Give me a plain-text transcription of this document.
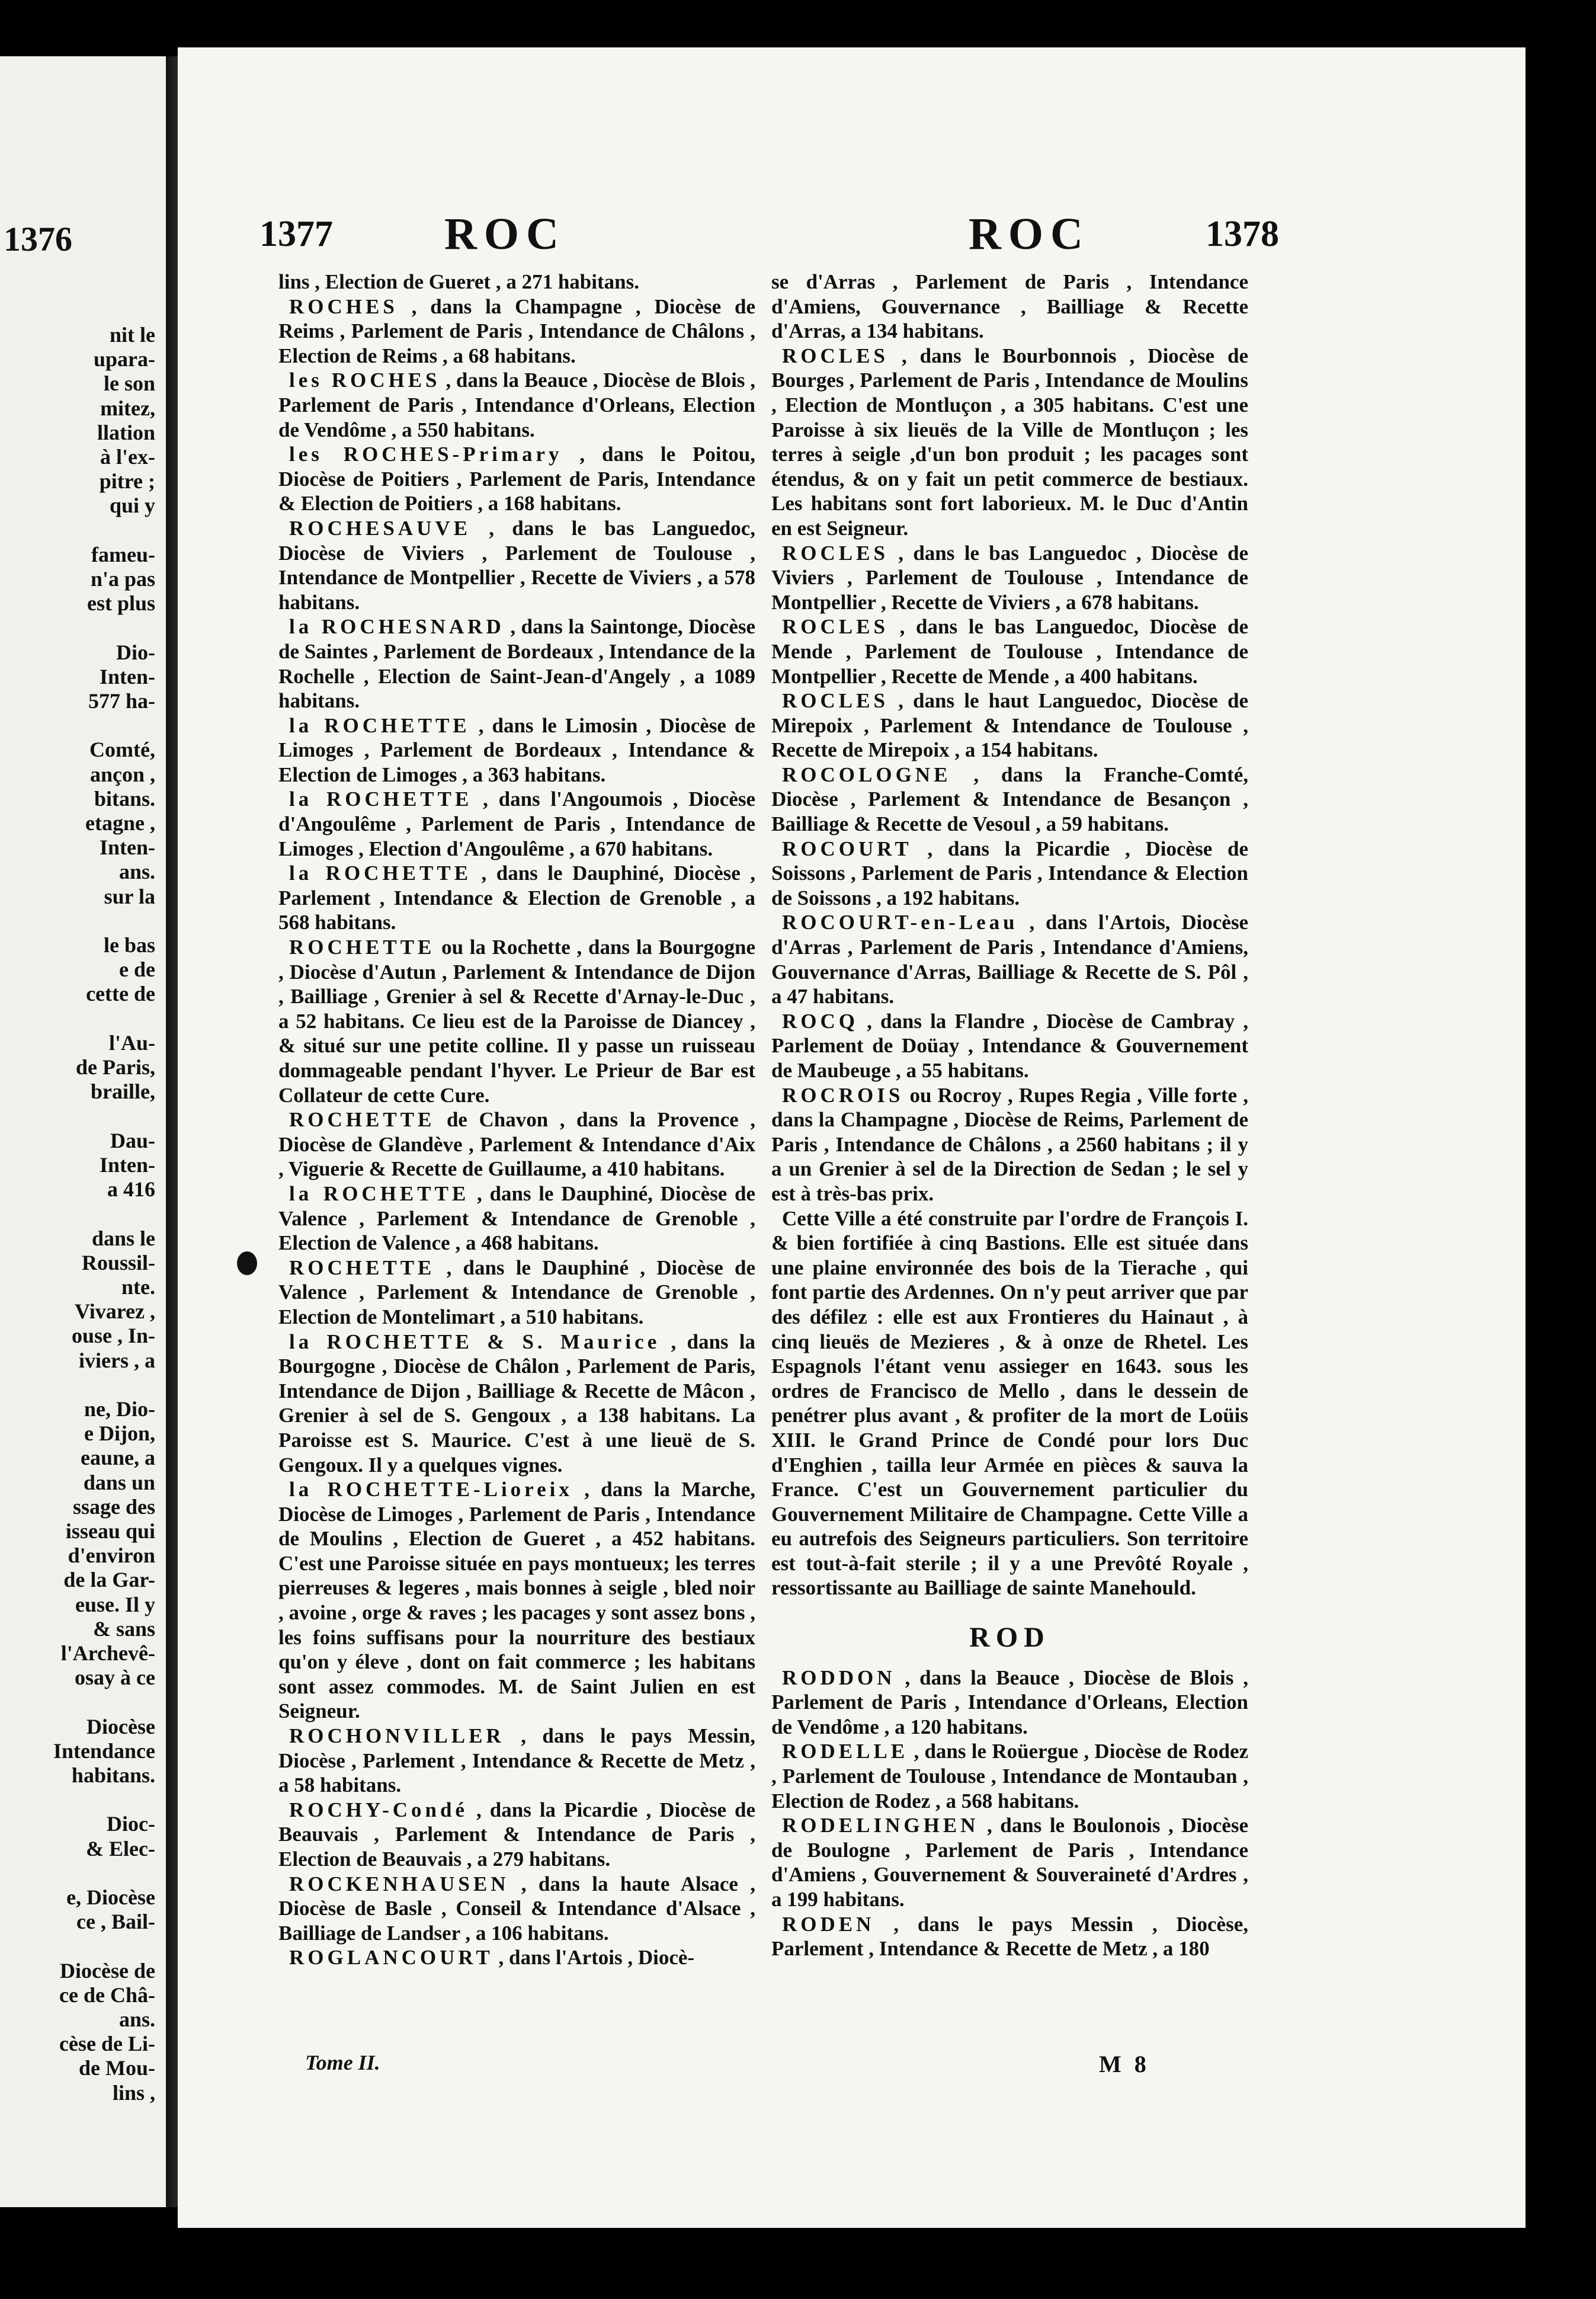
1376
nit le
upara-
le son
mitez,
llation
à l'ex-
pitre ;
qui y

fameu-
n'a pas
est plus

Dio-
Inten-
577 ha-

Comté,
ançon ,
bitans.
etagne ,
Inten-
ans.
sur la

le bas
e de
cette de

l'Au-
de Paris,
braille,

Dau-
Inten-
a 416

dans le
Roussil-
nte.
Vivarez ,
ouse , In-
iviers , a

ne, Dio-
e Dijon,
eaune, a
dans un
ssage des
isseau qui
d'environ
de la Gar-
euse. Il y
& sans
l'Archevê-
osay à ce

Diocèse
Intendance
habitans.

Dioc-
& Elec-

e, Diocèse
ce , Bail-

Diocèse de
ce de Châ-
ans.
cèse de Li-
de Mou-
lins ,
1377 ROC	ROC	1378

lins , Election de Gueret , a 271 habitans.

ROCHES , dans la Champagne , Diocèse de Reims , Parlement de Paris , Intendance de Châlons , Election de Reims , a 68 habitans.

les ROCHES , dans la Beauce , Diocèse de Blois , Parlement de Paris , Intendance d'Orleans, Election de Vendôme , a 550 habitans.

les ROCHES-Primary , dans le Poitou, Diocèse de Poitiers , Parlement de Paris, Intendance & Election de Poitiers , a 168 habitans.

ROCHESAUVE , dans le bas Languedoc, Diocèse de Viviers , Parlement de Toulouse , Intendance de Montpellier , Recette de Viviers , a 578 habitans.

la ROCHESNARD , dans la Saintonge, Diocèse de Saintes , Parlement de Bordeaux , Intendance de la Rochelle , Election de Saint-Jean-d'Angely , a 1089 habitans.

la ROCHETTE , dans le Limosin , Diocèse de Limoges , Parlement de Bordeaux , Intendance & Election de Limoges , a 363 habitans.

la ROCHETTE , dans l'Angoumois , Diocèse d'Angoulême , Parlement de Paris , Intendance de Limoges , Election d'Angoulême , a 670 habitans.

la ROCHETTE , dans le Dauphiné, Diocèse , Parlement , Intendance & Election de Grenoble , a 568 habitans.

ROCHETTE ou la Rochette , dans la Bourgogne , Diocèse d'Autun , Parlement & Intendance de Dijon , Bailliage , Grenier à sel & Recette d'Arnay-le-Duc , a 52 habitans. Ce lieu est de la Paroisse de Diancey , & situé sur une petite colline. Il y passe un ruisseau dommageable pendant l'hyver. Le Prieur de Bar est Collateur de cette Cure.

ROCHETTE de Chavon , dans la Provence , Diocèse de Glandève , Parlement & Intendance d'Aix , Viguerie & Recette de Guillaume, a 410 habitans.

la ROCHETTE , dans le Dauphiné, Diocèse de Valence , Parlement & Intendance de Grenoble , Election de Valence , a 468 habitans.

ROCHETTE , dans le Dauphiné , Diocèse de Valence , Parlement & Intendance de Grenoble , Election de Montelimart , a 510 habitans.

la ROCHETTE & S. Maurice , dans la Bourgogne , Diocèse de Châlon , Parlement de Paris, Intendance de Dijon , Bailliage & Recette de Mâcon , Grenier à sel de S. Gengoux , a 138 habitans. La Paroisse est S. Maurice. C'est à une lieuë de S. Gengoux. Il y a quelques vignes.

la ROCHETTE-Lioreix , dans la Marche, Diocèse de Limoges , Parlement de Paris , Intendance de Moulins , Election de Gueret , a 452 habitans. C'est une Paroisse située en pays montueux; les terres pierreuses & legeres , mais bonnes à seigle , bled noir , avoine , orge & raves ; les pacages y sont assez bons , les foins suffisans pour la nourriture des bestiaux qu'on y éleve , dont on fait commerce ; les habitans sont assez commodes. M. de Saint Julien en est Seigneur.

ROCHONVILLER , dans le pays Messin, Diocèse , Parlement , Intendance & Recette de Metz , a 58 habitans.

ROCHY-Condé , dans la Picardie , Diocèse de Beauvais , Parlement & Intendance de Paris , Election de Beauvais , a 279 habitans.

ROCKENHAUSEN , dans la haute Alsace , Diocèse de Basle , Conseil & Intendance d'Alsace , Bailliage de Landser , a 106 habitans.

ROGLANCOURT , dans l'Artois , Diocè-

se d'Arras , Parlement de Paris , Intendance d'Amiens, Gouvernance , Bailliage & Recette d'Arras, a 134 habitans.

ROCLES , dans le Bourbonnois , Diocèse de Bourges , Parlement de Paris , Intendance de Moulins , Election de Montluçon , a 305 habitans. C'est une Paroisse à six lieuës de la Ville de Montluçon ; les terres à seigle ,d'un bon produit ; les pacages sont étendus, & on y fait un petit commerce de bestiaux. Les habitans sont fort laborieux. M. le Duc d'Antin en est Seigneur.

ROCLES , dans le bas Languedoc , Diocèse de Viviers , Parlement de Toulouse , Intendance de Montpellier , Recette de Viviers , a 678 habitans.

ROCLES , dans le bas Languedoc, Diocèse de Mende , Parlement de Toulouse , Intendance de Montpellier , Recette de Mende , a 400 habitans.

ROCLES , dans le haut Languedoc, Diocèse de Mirepoix , Parlement & Intendance de Toulouse , Recette de Mirepoix , a 154 habitans.

ROCOLOGNE , dans la Franche-Comté, Diocèse , Parlement & Intendance de Besançon , Bailliage & Recette de Vesoul , a 59 habitans.

ROCOURT , dans la Picardie , Diocèse de Soissons , Parlement de Paris , Intendance & Election de Soissons , a 192 habitans.

ROCOURT-en-Leau , dans l'Artois, Diocèse d'Arras , Parlement de Paris , Intendance d'Amiens, Gouvernance d'Arras, Bailliage & Recette de S. Pôl , a 47 habitans.

ROCQ , dans la Flandre , Diocèse de Cambray , Parlement de Doüay , Intendance & Gouvernement de Maubeuge , a 55 habitans.

ROCROIS ou Rocroy , Rupes Regia , Ville forte , dans la Champagne , Diocèse de Reims, Parlement de Paris , Intendance de Châlons , a 2560 habitans ; il y a un Grenier à sel de la Direction de Sedan ; le sel y est à très-bas prix.

Cette Ville a été construite par l'ordre de François I. & bien fortifiée à cinq Bastions. Elle est située dans une plaine environnée des bois de la Tierache , qui font partie des Ardennes. On n'y peut arriver que par des défilez : elle est aux Frontieres du Hainaut , à cinq lieuës de Mezieres , & à onze de Rhetel. Les Espagnols l'étant venu assieger en 1643. sous les ordres de Francisco de Mello , dans le dessein de penétrer plus avant , & profiter de la mort de Loüis XIII. le Grand Prince de Condé pour lors Duc d'Enghien , tailla leur Armée en pièces & sauva la France. C'est un Gouvernement particulier du Gouvernement Militaire de Champagne. Cette Ville a eu autrefois des Seigneurs particuliers. Son territoire est tout-à-fait sterile ; il y a une Prevôté Royale , ressortissante au Bailliage de sainte Manehould.

ROD

RODDON , dans la Beauce , Diocèse de Blois , Parlement de Paris , Intendance d'Orleans, Election de Vendôme , a 120 habitans.

RODELLE , dans le Roüergue , Diocèse de Rodez , Parlement de Toulouse , Intendance de Montauban , Election de Rodez , a 568 habitans.

RODELINGHEN , dans le Boulonois , Diocèse de Boulogne , Parlement de Paris , Intendance d'Amiens , Gouvernement & Souveraineté d'Ardres , a 199 habitans.

RODEN , dans le pays Messin , Diocèse, Parlement , Intendance & Recette de Metz , a 180

Tome II.	M 8
